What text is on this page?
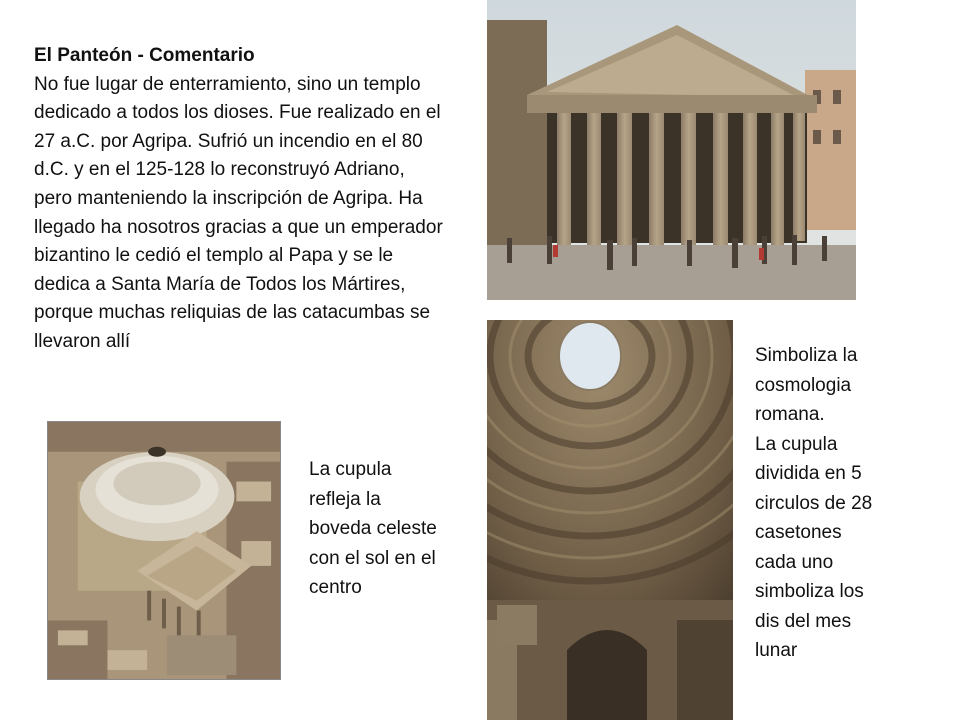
El Panteón - Comentario
No fue lugar de enterramiento, sino un templo dedicado a todos los dioses. Fue realizado en el 27 a.C. por Agripa. Sufrió un incendio en el 80 d.C. y en el 125-128 lo reconstruyó Adriano, pero manteniendo la inscripción de Agripa. Ha llegado ha nosotros gracias a que un emperador bizantino le cedió el templo al Papa y se le dedica a Santa María de Todos los Mártires, porque muchas reliquias de las catacumbas se llevaron allí
La cupula
refleja la
boveda celeste
con el sol en el
centro
Simboliza la
cosmologia
romana.
La cupula
dividida en 5
circulos de 28
casetones
cada uno
simboliza los
dis del mes
lunar
